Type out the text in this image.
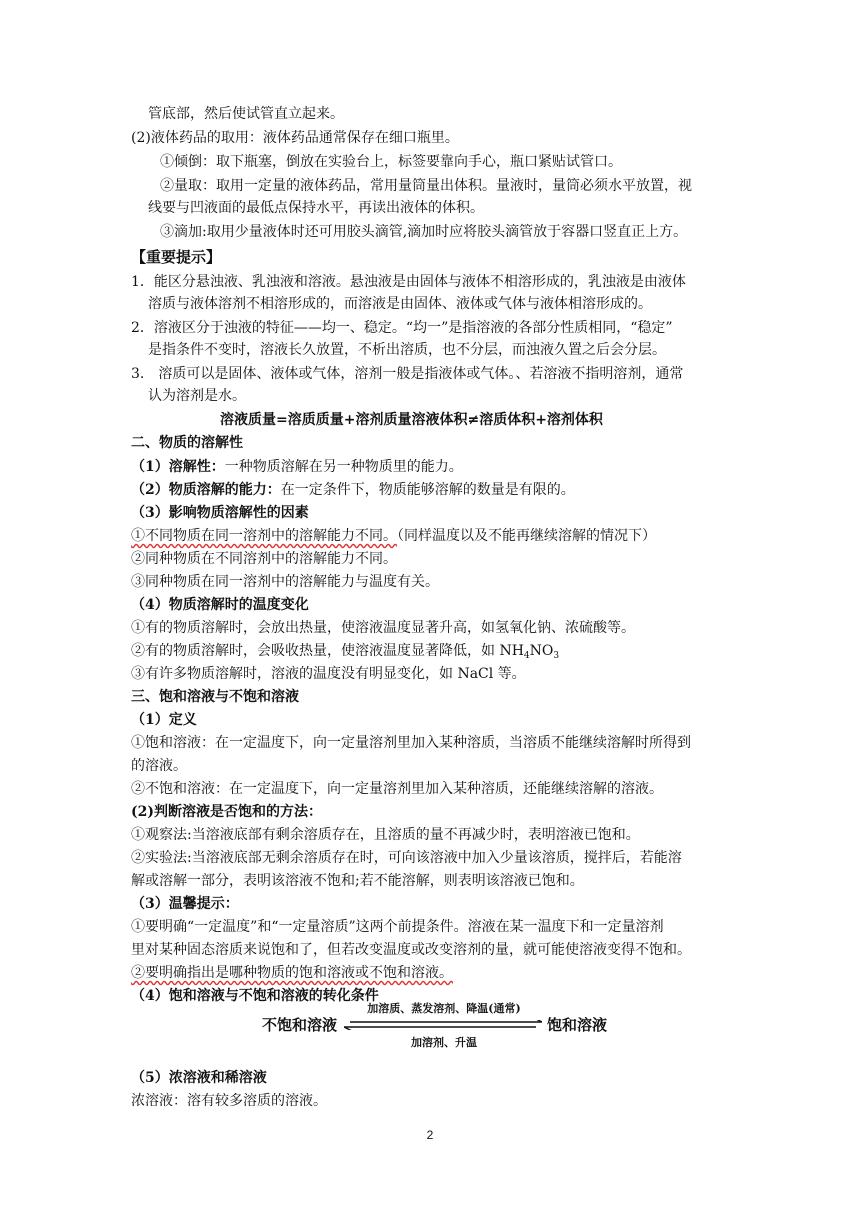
管底部，然后使试管直立起来。
(2)液体药品的取用：液体药品通常保存在细口瓶里。
①倾倒：取下瓶塞，倒放在实验台上，标签要靠向手心，瓶口紧贴试管口。
②量取：取用一定量的液体药品，常用量筒量出体积。量液时，量筒必须水平放置，视
线要与凹液面的最低点保持水平，再读出液体的体积。
③滴加:取用少量液体时还可用胶头滴管,滴加时应将胶头滴管放于容器口竖直正上方。
【重要提示】
1．能区分悬浊液、乳浊液和溶液。悬浊液是由固体与液体不相溶形成的，乳浊液是由液体
溶质与液体溶剂不相溶形成的，而溶液是由固体、液体或气体与液体相溶形成的。
2．溶液区分于浊液的特征——均一、稳定。“均一”是指溶液的各部分性质相同，“稳定”
是指条件不变时，溶液长久放置，不析出溶质，也不分层，而浊液久置之后会分层。
3.　溶质可以是固体、液体或气体，溶剂一般是指液体或气体。、若溶液不指明溶剂，通常
认为溶剂是水。
溶液质量=溶质质量+溶剂质量溶液体积≠溶质体积+溶剂体积
二、物质的溶解性
（1）溶解性：一种物质溶解在另一种物质里的能力。
（2）物质溶解的能力：在一定条件下，物质能够溶解的数量是有限的。
（3）影响物质溶解性的因素
①不同物质在同一溶剂中的溶解能力不同。（同样温度以及不能再继续溶解的情况下）
②同种物质在不同溶剂中的溶解能力不同。
③同种物质在同一溶剂中的溶解能力与温度有关。
（4）物质溶解时的温度变化
①有的物质溶解时，会放出热量，使溶液温度显著升高，如氢氧化钠、浓硫酸等。
②有的物质溶解时，会吸收热量，使溶液温度显著降低，如 $NH_4NO_3$
③有许多物质溶解时，溶液的温度没有明显变化，如 NaCl 等。
三、饱和溶液与不饱和溶液
（1）定义
①饱和溶液：在一定温度下，向一定量溶剂里加入某种溶质，当溶质不能继续溶解时所得到
的溶液。
②不饱和溶液：在一定温度下，向一定量溶剂里加入某种溶质，还能继续溶解的溶液。
(2)判断溶液是否饱和的方法：
①观察法:当溶液底部有剩余溶质存在，且溶质的量不再减少时，表明溶液已饱和。
②实验法:当溶液底部无剩余溶质存在时，可向该溶液中加入少量该溶质，搅拌后，若能溶
解或溶解一部分，表明该溶液不饱和;若不能溶解，则表明该溶液已饱和。
（3）温馨提示：
①要明确“一定温度”和“一定量溶质”这两个前提条件。溶液在某一温度下和一定量溶剂
里对某种固态溶质来说饱和了，但若改变温度或改变溶剂的量，就可能使溶液变得不饱和。
②要明确指出是哪种物质的饱和溶液或不饱和溶液。
（4）饱和溶液与不饱和溶液的转化条件
不饱和溶液
加溶质、蒸发溶剂、降温(通常)
加溶剂、升温
饱和溶液
（5）浓溶液和稀溶液
浓溶液：溶有较多溶质的溶液。
2
